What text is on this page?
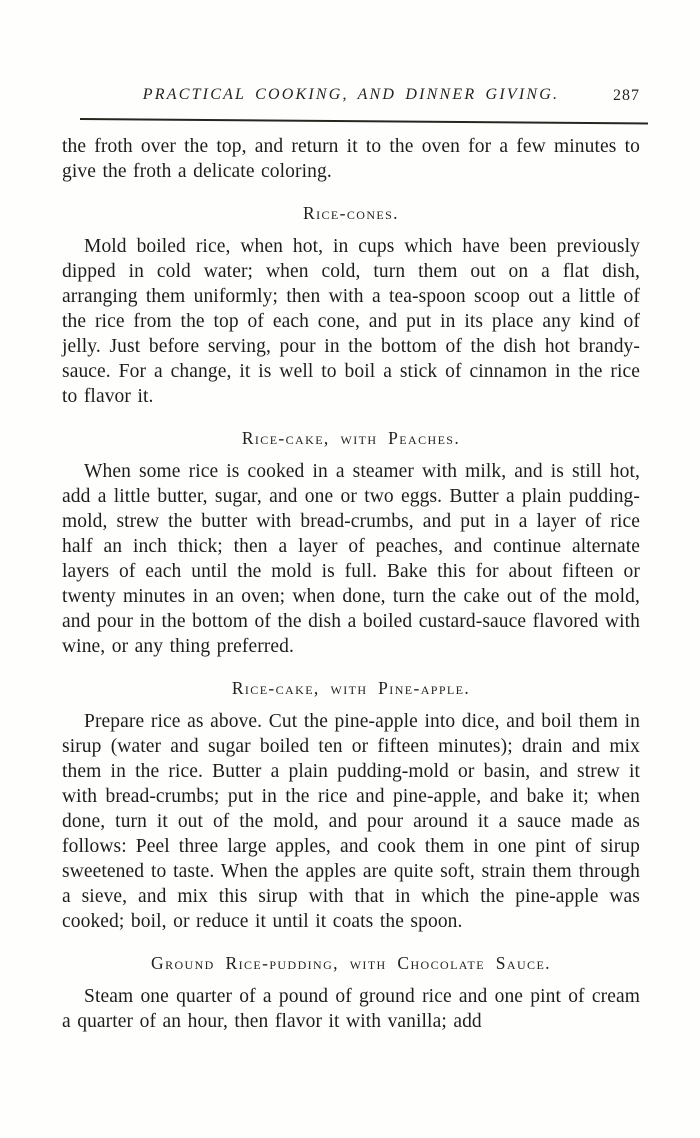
PRACTICAL COOKING, AND DINNER GIVING.	287

the froth over the top, and return it to the oven for a few minutes to give the froth a delicate coloring.

Rice-cones.

Mold boiled rice, when hot, in cups which have been previously dipped in cold water; when cold, turn them out on a flat dish, arranging them uniformly; then with a tea-spoon scoop out a little of the rice from the top of each cone, and put in its place any kind of jelly. Just before serving, pour in the bottom of the dish hot brandy-sauce. For a change, it is well to boil a stick of cinnamon in the rice to flavor it.

Rice-cake, with Peaches.

When some rice is cooked in a steamer with milk, and is still hot, add a little butter, sugar, and one or two eggs. Butter a plain pudding-mold, strew the butter with bread-crumbs, and put in a layer of rice half an inch thick; then a layer of peaches, and continue alternate layers of each until the mold is full. Bake this for about fifteen or twenty minutes in an oven; when done, turn the cake out of the mold, and pour in the bottom of the dish a boiled custard-sauce flavored with wine, or any thing preferred.

Rice-cake, with Pine-apple.

Prepare rice as above. Cut the pine-apple into dice, and boil them in sirup (water and sugar boiled ten or fifteen minutes); drain and mix them in the rice. Butter a plain pudding-mold or basin, and strew it with bread-crumbs; put in the rice and pine-apple, and bake it; when done, turn it out of the mold, and pour around it a sauce made as follows: Peel three large apples, and cook them in one pint of sirup sweetened to taste. When the apples are quite soft, strain them through a sieve, and mix this sirup with that in which the pine-apple was cooked; boil, or reduce it until it coats the spoon.

Ground Rice-pudding, with Chocolate Sauce.

Steam one quarter of a pound of ground rice and one pint of cream a quarter of an hour, then flavor it with vanilla; add
